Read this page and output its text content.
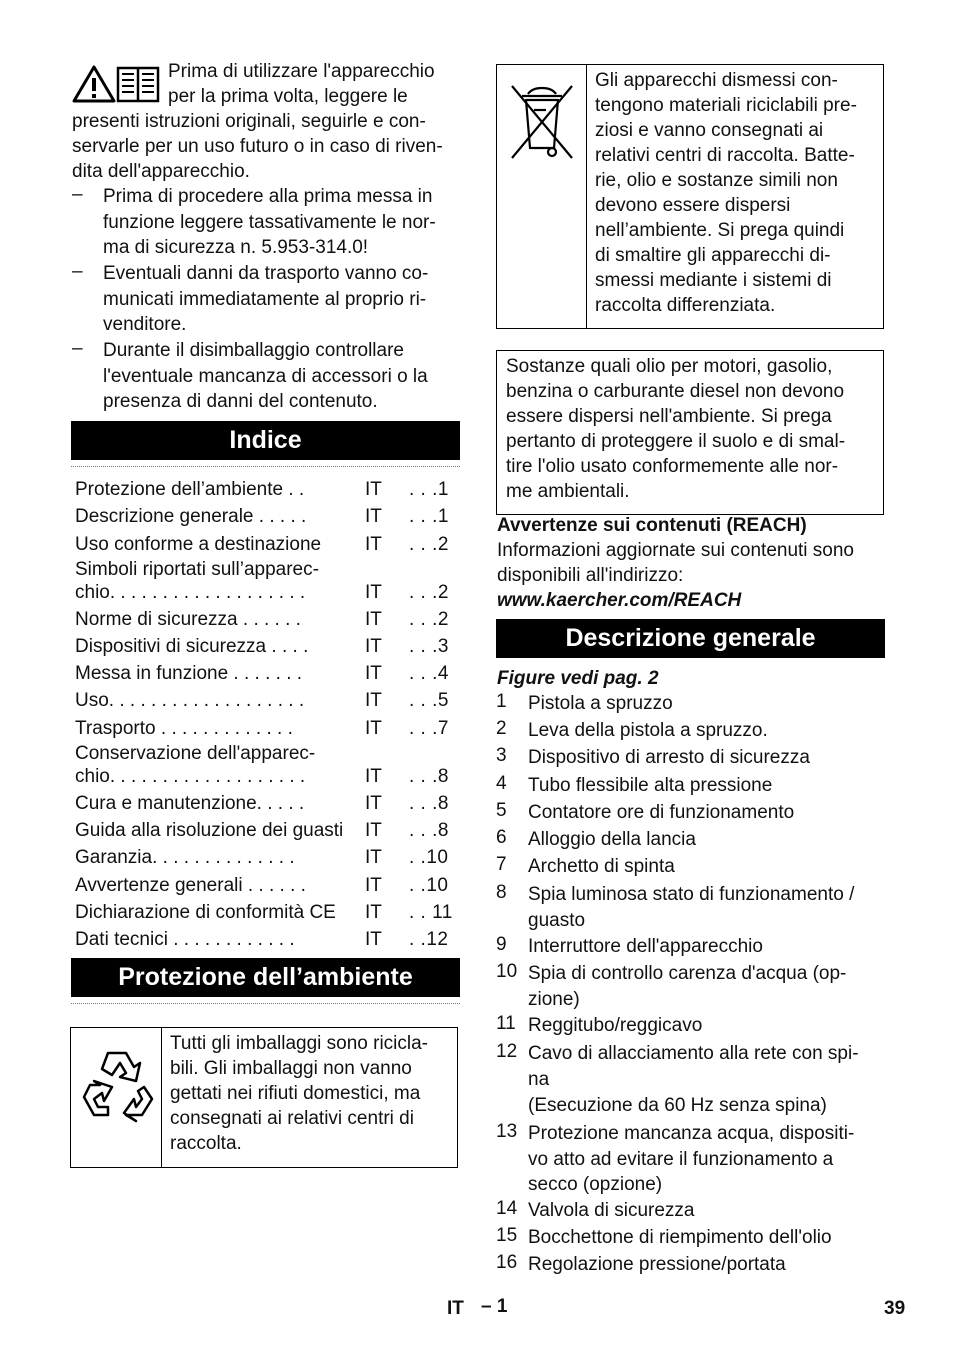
Prima di utilizzare l'apparecchio
per la prima volta, leggere le
presenti istruzioni originali, seguirle e con-
servarle per un uso futuro o in caso di riven-
dita dell'apparecchio.
– Prima di procedere alla prima messa in
funzione leggere tassativamente le nor-
ma di sicurezza n. 5.953-314.0!
– Eventuali danni da trasporto vanno co-
municati immediatamente al proprio ri-
venditore.
– Durante il disimballaggio controllare
l'eventuale mancanza di accessori o la
presenza di danni del contenuto.
Indice
Protezione dell’ambiente . .	IT . . .1
Descrizione generale . . . . .	IT . . .1
Uso conforme a destinazione IT . . .2
Simboli riportati sull’apparec-
chio. . . . . . . . . . . . . . . . . . .	IT . . .2
Norme di sicurezza . . . . . .	IT . . .2
Dispositivi di sicurezza . . . .	IT . . .3
Messa in funzione . . . . . . .	IT . . .4
Uso. . . . . . . . . . . . . . . . . . .	IT . . .5
Trasporto . . . . . . . . . . . . .	IT . . .7
Conservazione dell'apparec-
chio. . . . . . . . . . . . . . . . . . .	IT . . .8
Cura e manutenzione. . . . .	IT . . .8
Guida alla risoluzione dei guasti IT . . .8
Garanzia. . . . . . . . . . . . . .	IT . .10
Avvertenze generali . . . . . .	IT . .10
Dichiarazione di conformità CE IT . . 11
Dati tecnici . . . . . . . . . . . .	IT . .12
Protezione dell’ambiente
Tutti gli imballaggi sono ricicla-
bili. Gli imballaggi non vanno
gettati nei rifiuti domestici, ma
consegnati ai relativi centri di
raccolta.
Gli apparecchi dismessi con-
tengono materiali riciclabili pre-
ziosi e vanno consegnati ai
relativi centri di raccolta. Batte-
rie, olio e sostanze simili non
devono essere dispersi
nell’ambiente. Si prega quindi
di smaltire gli apparecchi di-
smessi mediante i sistemi di
raccolta differenziata.
Sostanze quali olio per motori, gasolio,
benzina o carburante diesel non devono
essere dispersi nell'ambiente. Si prega
pertanto di proteggere il suolo e di smal-
tire l'olio usato conformemente alle nor-
me ambientali.
Avvertenze sui contenuti (REACH)
Informazioni aggiornate sui contenuti sono
disponibili all'indirizzo:
www.kaercher.com/REACH
Descrizione generale
Figure vedi pag. 2
1 Pistola a spruzzo
2 Leva della pistola a spruzzo.
3 Dispositivo di arresto di sicurezza
4 Tubo flessibile alta pressione
5 Contatore ore di funzionamento
6 Alloggio della lancia
7 Archetto di spinta
8 Spia luminosa stato di funzionamento /
guasto
9 Interruttore dell'apparecchio
10 Spia di controllo carenza d'acqua (op-
zione)
11 Reggitubo/reggicavo
12 Cavo di allacciamento alla rete con spi-
na
(Esecuzione da 60 Hz senza spina)
13 Protezione mancanza acqua, dispositi-
vo atto ad evitare il funzionamento a
secco (opzione)
14 Valvola di sicurezza
15 Bocchettone di riempimento dell'olio
16 Regolazione pressione/portata
IT – 1	39
